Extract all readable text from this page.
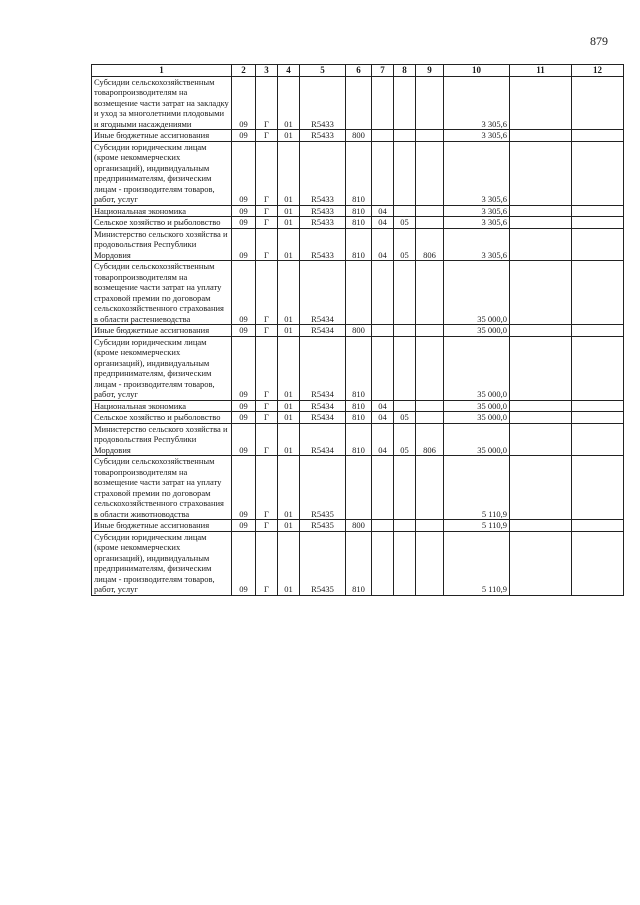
879
1	2	3	4	5	6	7	8	9	10	11	12
Субсидии сельскохозяйственным товаропроизводителям на возмещение части затрат на закладку и уход за многолетними плодовыми и ягодными насаждениями	09	Г	01	R5433					3 305,6		
Иные бюджетные ассигнования	09	Г	01	R5433	800				3 305,6		
Субсидии юридическим лицам (кроме некоммерческих организаций), индивидуальным предпринимателям, физическим лицам - производителям товаров, работ, услуг	09	Г	01	R5433	810				3 305,6		
Национальная экономика	09	Г	01	R5433	810	04			3 305,6		
Сельское хозяйство и рыболовство	09	Г	01	R5433	810	04	05		3 305,6		
Министерство сельского хозяйства и продовольствия Республики Мордовия	09	Г	01	R5433	810	04	05	806	3 305,6		
Субсидии сельскохозяйственным товаропроизводителям на возмещение части затрат на уплату страховой премии по договорам сельскохозяйственного страхования в области растениеводства	09	Г	01	R5434					35 000,0		
Иные бюджетные ассигнования	09	Г	01	R5434	800				35 000,0		
Субсидии юридическим лицам (кроме некоммерческих организаций), индивидуальным предпринимателям, физическим лицам - производителям товаров, работ, услуг	09	Г	01	R5434	810				35 000,0		
Национальная экономика	09	Г	01	R5434	810	04			35 000,0		
Сельское хозяйство и рыболовство	09	Г	01	R5434	810	04	05		35 000,0		
Министерство сельского хозяйства и продовольствия Республики Мордовия	09	Г	01	R5434	810	04	05	806	35 000,0		
Субсидии сельскохозяйственным товаропроизводителям на возмещение части затрат на уплату страховой премии по договорам сельскохозяйственного страхования в области животноводства	09	Г	01	R5435					5 110,9		
Иные бюджетные ассигнования	09	Г	01	R5435	800				5 110,9		
Субсидии юридическим лицам (кроме некоммерческих организаций), индивидуальным предпринимателям, физическим лицам - производителям товаров, работ, услуг	09	Г	01	R5435	810				5 110,9		
